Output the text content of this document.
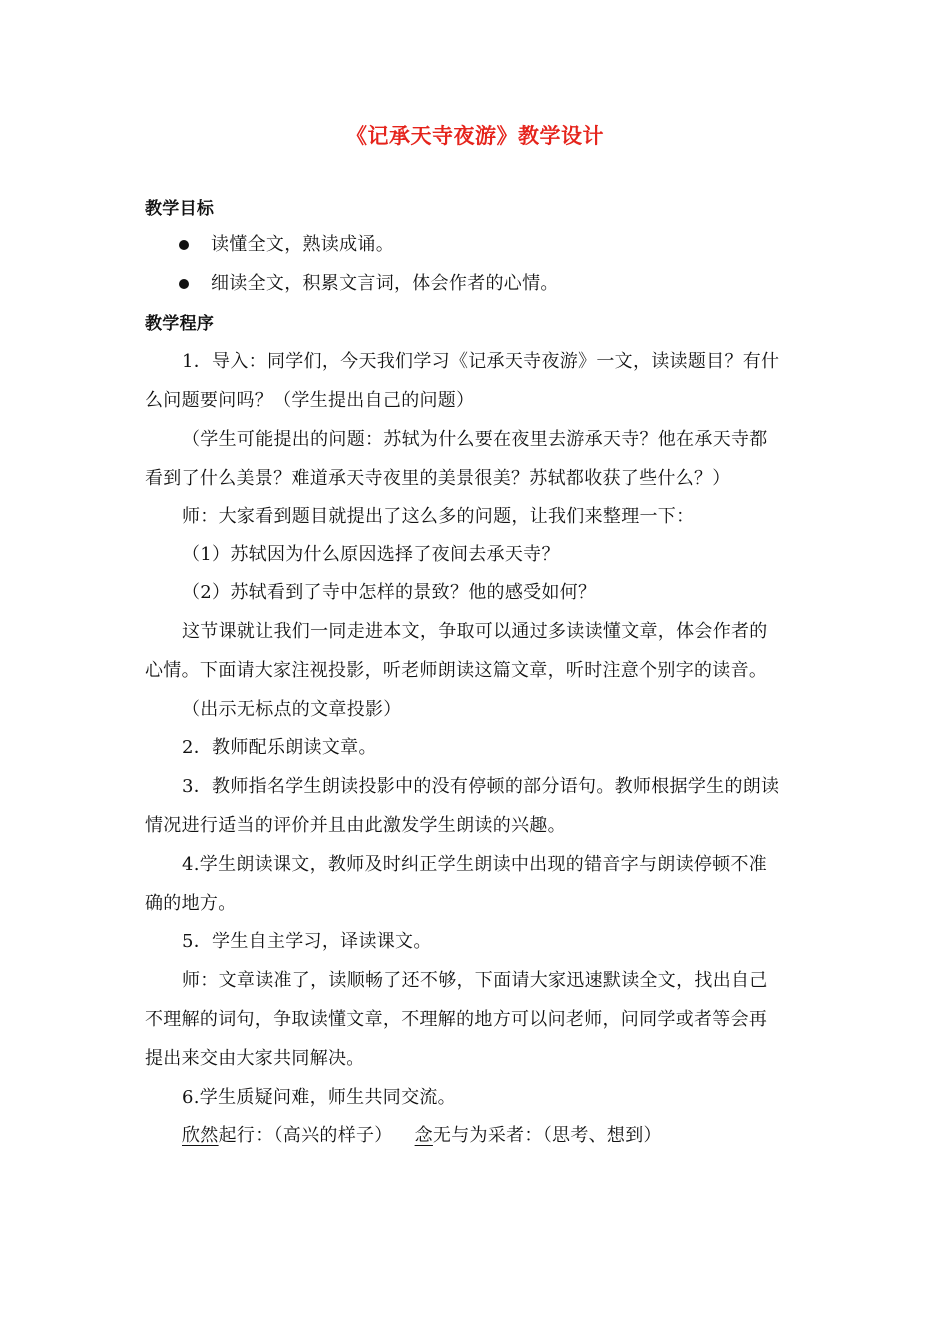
《记承天寺夜游》教学设计
教学目标
读懂全文，熟读成诵。
细读全文，积累文言词，体会作者的心情。
教学程序
1．导入：同学们，今天我们学习《记承天寺夜游》一文，读读题目？有什
么问题要问吗？（学生提出自己的问题）
（学生可能提出的问题：苏轼为什么要在夜里去游承天寺？他在承天寺都
看到了什么美景？难道承天寺夜里的美景很美？苏轼都收获了些什么？）
师：大家看到题目就提出了这么多的问题，让我们来整理一下：
（1）苏轼因为什么原因选择了夜间去承天寺？
（2）苏轼看到了寺中怎样的景致？他的感受如何？
这节课就让我们一同走进本文，争取可以通过多读读懂文章，体会作者的
心情。下面请大家注视投影，听老师朗读这篇文章，听时注意个别字的读音。
（出示无标点的文章投影）
2．教师配乐朗读文章。
3．教师指名学生朗读投影中的没有停顿的部分语句。教师根据学生的朗读
情况进行适当的评价并且由此激发学生朗读的兴趣。
4.学生朗读课文，教师及时纠正学生朗读中出现的错音字与朗读停顿不准
确的地方。
5．学生自主学习，译读课文。
师：文章读准了，读顺畅了还不够，下面请大家迅速默读全文，找出自己
不理解的词句，争取读懂文章，不理解的地方可以问老师，问同学或者等会再
提出来交由大家共同解决。
6.学生质疑问难，师生共同交流。
欣然起行：（高兴的样子） 念无与为采者：（思考、想到）
